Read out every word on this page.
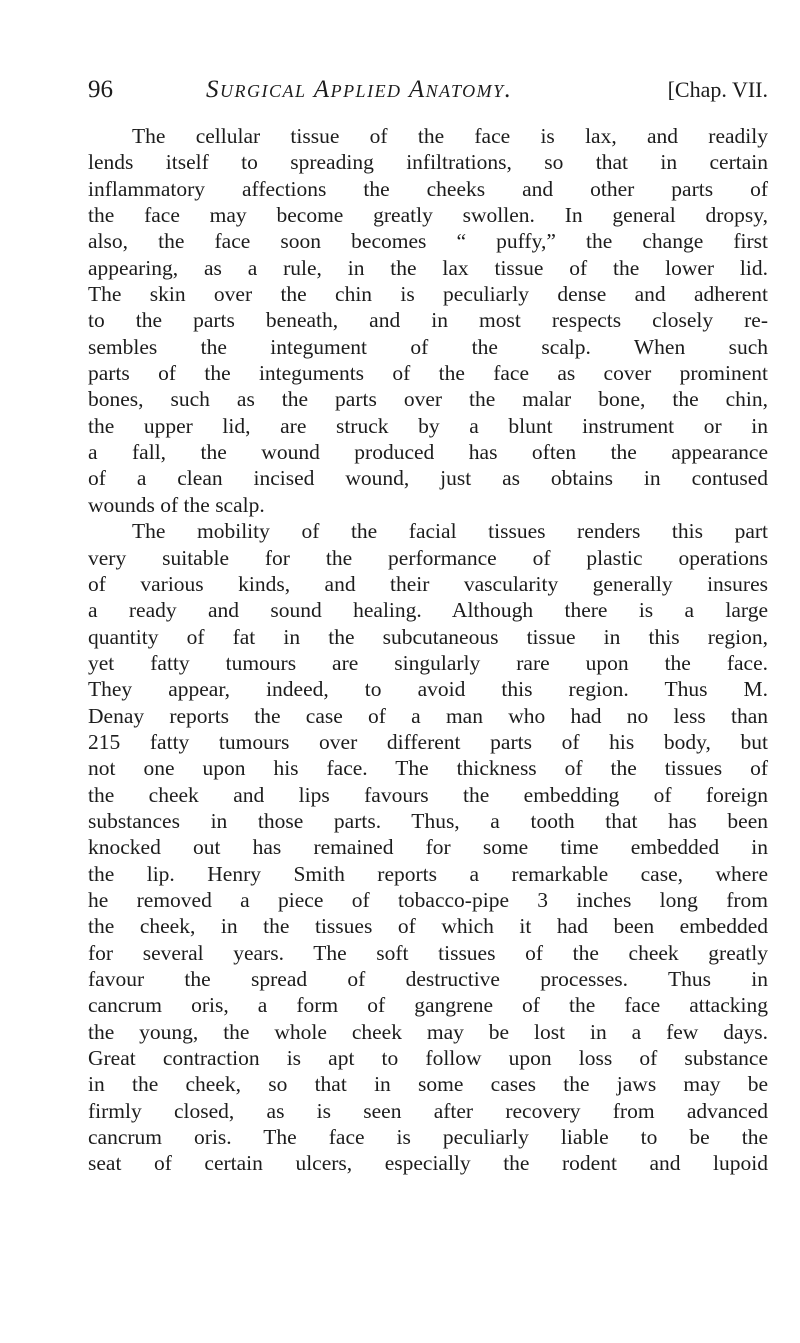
96	Surgical Applied Anatomy.	[Chap. VII.
The cellular tissue of the face is lax, and readily
lends itself to spreading infiltrations, so that in certain
inflammatory affections the cheeks and other parts of
the face may become greatly swollen. In general dropsy,
also, the face soon becomes “ puffy,” the change first
appearing, as a rule, in the lax tissue of the lower lid.
The skin over the chin is peculiarly dense and adherent
to the parts beneath, and in most respects closely re-
sembles the integument of the scalp. When such
parts of the integuments of the face as cover prominent
bones, such as the parts over the malar bone, the chin,
the upper lid, are struck by a blunt instrument or in
a fall, the wound produced has often the appearance
of a clean incised wound, just as obtains in contused
wounds of the scalp.
The mobility of the facial tissues renders this part
very suitable for the performance of plastic operations
of various kinds, and their vascularity generally insures
a ready and sound healing. Although there is a large
quantity of fat in the subcutaneous tissue in this region,
yet fatty tumours are singularly rare upon the face.
They appear, indeed, to avoid this region. Thus M.
Denay reports the case of a man who had no less than
215 fatty tumours over different parts of his body, but
not one upon his face. The thickness of the tissues of
the cheek and lips favours the embedding of foreign
substances in those parts. Thus, a tooth that has been
knocked out has remained for some time embedded in
the lip. Henry Smith reports a remarkable case, where
he removed a piece of tobacco-pipe 3 inches long from
the cheek, in the tissues of which it had been embedded
for several years. The soft tissues of the cheek greatly
favour the spread of destructive processes. Thus in
cancrum oris, a form of gangrene of the face attacking
the young, the whole cheek may be lost in a few days.
Great contraction is apt to follow upon loss of substance
in the cheek, so that in some cases the jaws may be
firmly closed, as is seen after recovery from advanced
cancrum oris. The face is peculiarly liable to be the
seat of certain ulcers, especially the rodent and lupoid
